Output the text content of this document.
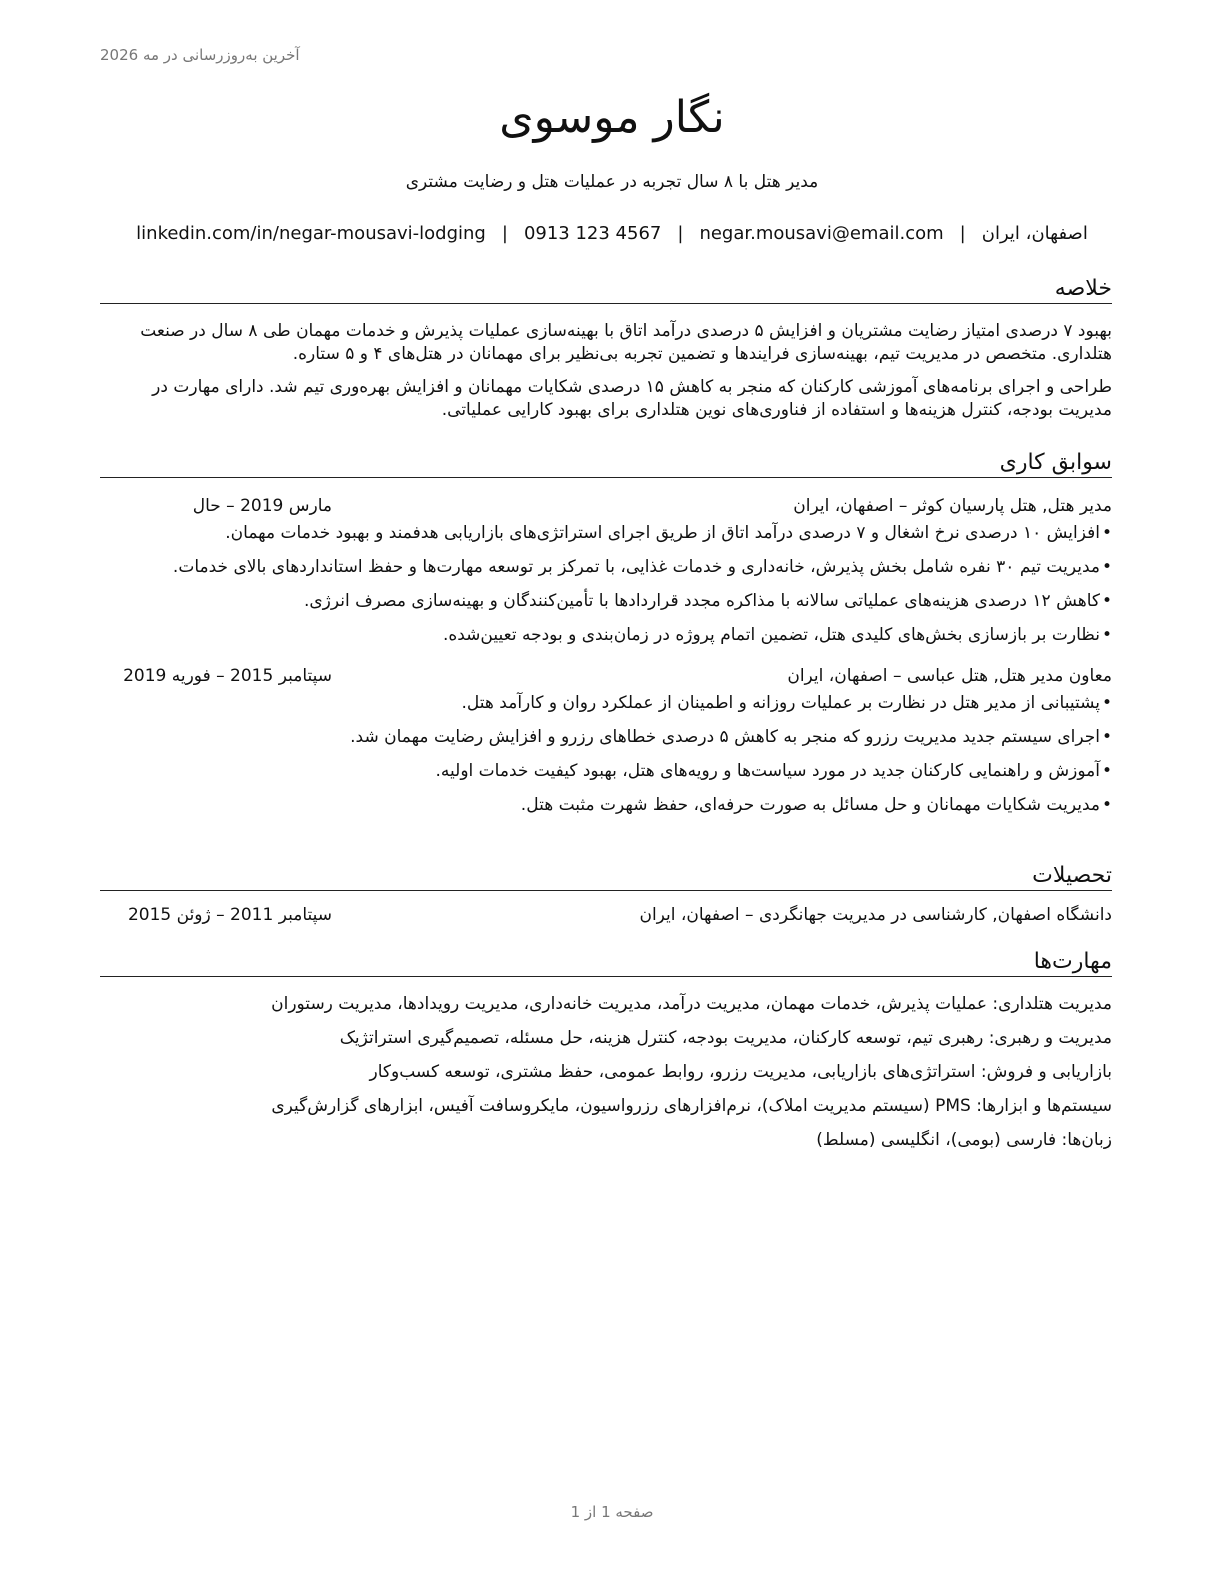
آخرین به‌روزرسانی در مه 2026
نگار موسوی
مدیر هتل با ۸ سال تجربه در عملیات هتل و رضایت مشتری
اصفهان، ایران|negar.mousavi@email.com|0913 123 4567|linkedin.com/in/negar-mousavi-lodging
خلاصه

بهبود ۷ درصدی امتیاز رضایت مشتریان و افزایش ۵ درصدی درآمد اتاق با بهینه‌سازی عملیات پذیرش و خدمات مهمان طی ۸ سال در صنعت هتلداری. متخصص در مدیریت تیم، بهینه‌سازی فرایندها و تضمین تجربه بی‌نظیر برای مهمانان در هتل‌های ۴ و ۵ ستاره.

طراحی و اجرای برنامه‌های آموزشی کارکنان که منجر به کاهش ۱۵ درصدی شکایات مهمانان و افزایش بهره‌وری تیم شد. دارای مهارت در مدیریت بودجه، کنترل هزینه‌ها و استفاده از فناوری‌های نوین هتلداری برای بهبود کارایی عملیاتی.

سوابق کاری
مدیر هتل, هتل پارسیان کوثر – اصفهان، ایران
مارس 2019 – حال
•افزایش ۱۰ درصدی نرخ اشغال و ۷ درصدی درآمد اتاق از طریق اجرای استراتژی‌های بازاریابی هدفمند و بهبود خدمات مهمان.
•مدیریت تیم ۳۰ نفره شامل بخش پذیرش، خانه‌داری و خدمات غذایی، با تمرکز بر توسعه مهارت‌ها و حفظ استانداردهای بالای خدمات.
•کاهش ۱۲ درصدی هزینه‌های عملیاتی سالانه با مذاکره مجدد قراردادها با تأمین‌کنندگان و بهینه‌سازی مصرف انرژی.
•نظارت بر بازسازی بخش‌های کلیدی هتل، تضمین اتمام پروژه در زمان‌بندی و بودجه تعیین‌شده.
معاون مدیر هتل, هتل عباسی – اصفهان، ایران
سپتامبر 2015 – فوریه 2019
•پشتیبانی از مدیر هتل در نظارت بر عملیات روزانه و اطمینان از عملکرد روان و کارآمد هتل.
•اجرای سیستم جدید مدیریت رزرو که منجر به کاهش ۵ درصدی خطاهای رزرو و افزایش رضایت مهمان شد.
•آموزش و راهنمایی کارکنان جدید در مورد سیاست‌ها و رویه‌های هتل، بهبود کیفیت خدمات اولیه.
•مدیریت شکایات مهمانان و حل مسائل به صورت حرفه‌ای، حفظ شهرت مثبت هتل.
تحصیلات
دانشگاه اصفهان, کارشناسی در مدیریت جهانگردی – اصفهان، ایران
سپتامبر 2011 – ژوئن 2015
مهارت‌ها
مدیریت هتلداری: عملیات پذیرش، خدمات مهمان، مدیریت درآمد، مدیریت خانه‌داری، مدیریت رویدادها، مدیریت رستوران
مدیریت و رهبری: رهبری تیم، توسعه کارکنان، مدیریت بودجه، کنترل هزینه، حل مسئله، تصمیم‌گیری استراتژیک
بازاریابی و فروش: استراتژی‌های بازاریابی، مدیریت رزرو، روابط عمومی، حفظ مشتری، توسعه کسب‌وکار
سیستم‌ها و ابزارها: PMS (سیستم مدیریت املاک)، نرم‌افزارهای رزرواسیون، مایکروسافت آفیس، ابزارهای گزارش‌گیری
زبان‌ها: فارسی (بومی)، انگلیسی (مسلط)
صفحه 1 از 1
